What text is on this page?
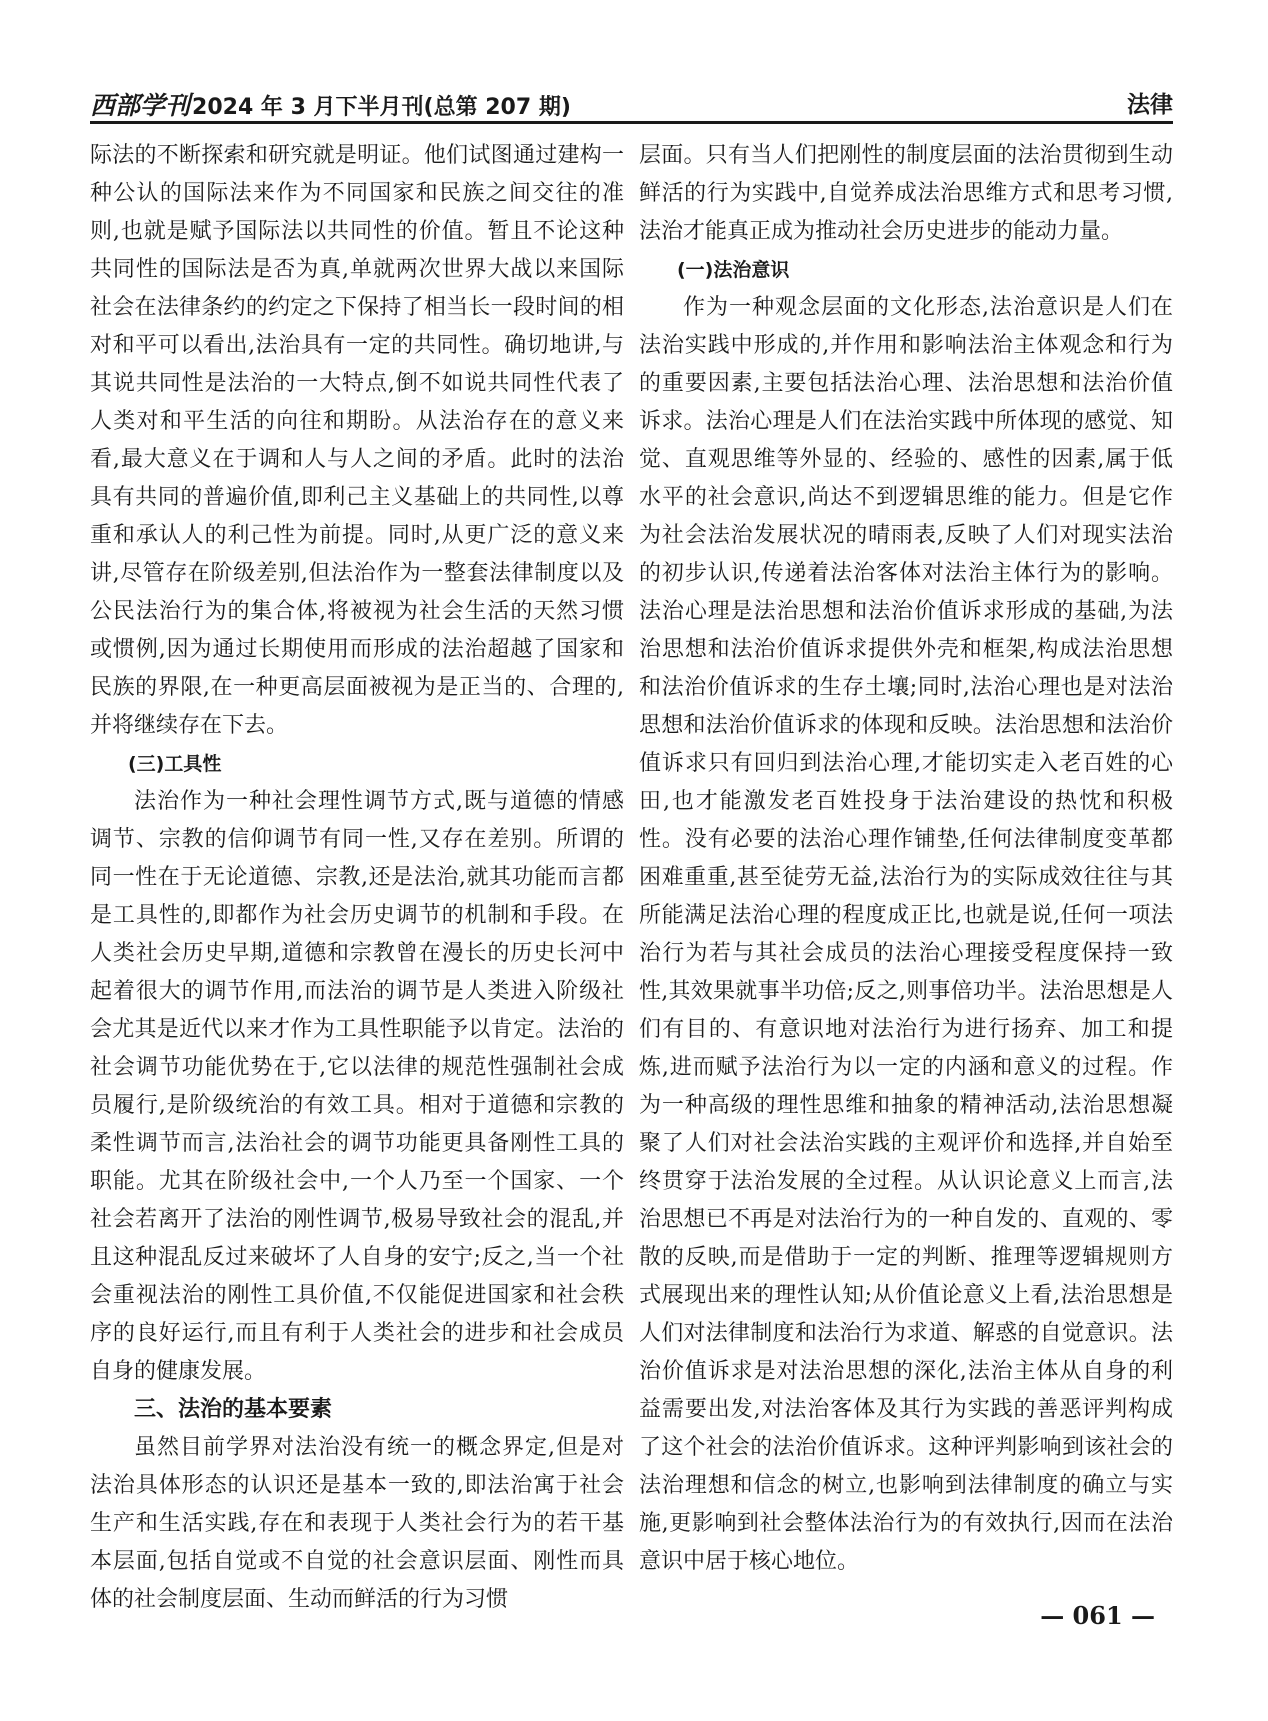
西部学刊 2024 年 3 月下半月刊(总第 207 期)	法律

际法的不断探索和研究就是明证。他们试图通过建构一种公认的国际法来作为不同国家和民族之间交往的准则,也就是赋予国际法以共同性的价值。暂且不论这种共同性的国际法是否为真,单就两次世界大战以来国际社会在法律条约的约定之下保持了相当长一段时间的相对和平可以看出,法治具有一定的共同性。确切地讲,与其说共同性是法治的一大特点,倒不如说共同性代表了人类对和平生活的向往和期盼。从法治存在的意义来看,最大意义在于调和人与人之间的矛盾。此时的法治具有共同的普遍价值,即利己主义基础上的共同性,以尊重和承认人的利己性为前提。同时,从更广泛的意义来讲,尽管存在阶级差别,但法治作为一整套法律制度以及公民法治行为的集合体,将被视为社会生活的天然习惯或惯例,因为通过长期使用而形成的法治超越了国家和民族的界限,在一种更高层面被视为是正当的、合理的,并将继续存在下去。

(三)工具性

法治作为一种社会理性调节方式,既与道德的情感调节、宗教的信仰调节有同一性,又存在差别。所谓的同一性在于无论道德、宗教,还是法治,就其功能而言都是工具性的,即都作为社会历史调节的机制和手段。在人类社会历史早期,道德和宗教曾在漫长的历史长河中起着很大的调节作用,而法治的调节是人类进入阶级社会尤其是近代以来才作为工具性职能予以肯定。法治的社会调节功能优势在于,它以法律的规范性强制社会成员履行,是阶级统治的有效工具。相对于道德和宗教的柔性调节而言,法治社会的调节功能更具备刚性工具的职能。尤其在阶级社会中,一个人乃至一个国家、一个社会若离开了法治的刚性调节,极易导致社会的混乱,并且这种混乱反过来破坏了人自身的安宁;反之,当一个社会重视法治的刚性工具价值,不仅能促进国家和社会秩序的良好运行,而且有利于人类社会的进步和社会成员自身的健康发展。

三、法治的基本要素

虽然目前学界对法治没有统一的概念界定,但是对法治具体形态的认识还是基本一致的,即法治寓于社会生产和生活实践,存在和表现于人类社会行为的若干基本层面,包括自觉或不自觉的社会意识层面、刚性而具体的社会制度层面、生动而鲜活的行为习惯

层面。只有当人们把刚性的制度层面的法治贯彻到生动鲜活的行为实践中,自觉养成法治思维方式和思考习惯,法治才能真正成为推动社会历史进步的能动力量。

(一)法治意识

作为一种观念层面的文化形态,法治意识是人们在法治实践中形成的,并作用和影响法治主体观念和行为的重要因素,主要包括法治心理、法治思想和法治价值诉求。法治心理是人们在法治实践中所体现的感觉、知觉、直观思维等外显的、经验的、感性的因素,属于低水平的社会意识,尚达不到逻辑思维的能力。但是它作为社会法治发展状况的晴雨表,反映了人们对现实法治的初步认识,传递着法治客体对法治主体行为的影响。法治心理是法治思想和法治价值诉求形成的基础,为法治思想和法治价值诉求提供外壳和框架,构成法治思想和法治价值诉求的生存土壤;同时,法治心理也是对法治思想和法治价值诉求的体现和反映。法治思想和法治价值诉求只有回归到法治心理,才能切实走入老百姓的心田,也才能激发老百姓投身于法治建设的热忱和积极性。没有必要的法治心理作铺垫,任何法律制度变革都困难重重,甚至徒劳无益,法治行为的实际成效往往与其所能满足法治心理的程度成正比,也就是说,任何一项法治行为若与其社会成员的法治心理接受程度保持一致性,其效果就事半功倍;反之,则事倍功半。法治思想是人们有目的、有意识地对法治行为进行扬弃、加工和提炼,进而赋予法治行为以一定的内涵和意义的过程。作为一种高级的理性思维和抽象的精神活动,法治思想凝聚了人们对社会法治实践的主观评价和选择,并自始至终贯穿于法治发展的全过程。从认识论意义上而言,法治思想已不再是对法治行为的一种自发的、直观的、零散的反映,而是借助于一定的判断、推理等逻辑规则方式展现出来的理性认知;从价值论意义上看,法治思想是人们对法律制度和法治行为求道、解惑的自觉意识。法治价值诉求是对法治思想的深化,法治主体从自身的利益需要出发,对法治客体及其行为实践的善恶评判构成了这个社会的法治价值诉求。这种评判影响到该社会的法治理想和信念的树立,也影响到法律制度的确立与实施,更影响到社会整体法治行为的有效执行,因而在法治意识中居于核心地位。

— 061 —
